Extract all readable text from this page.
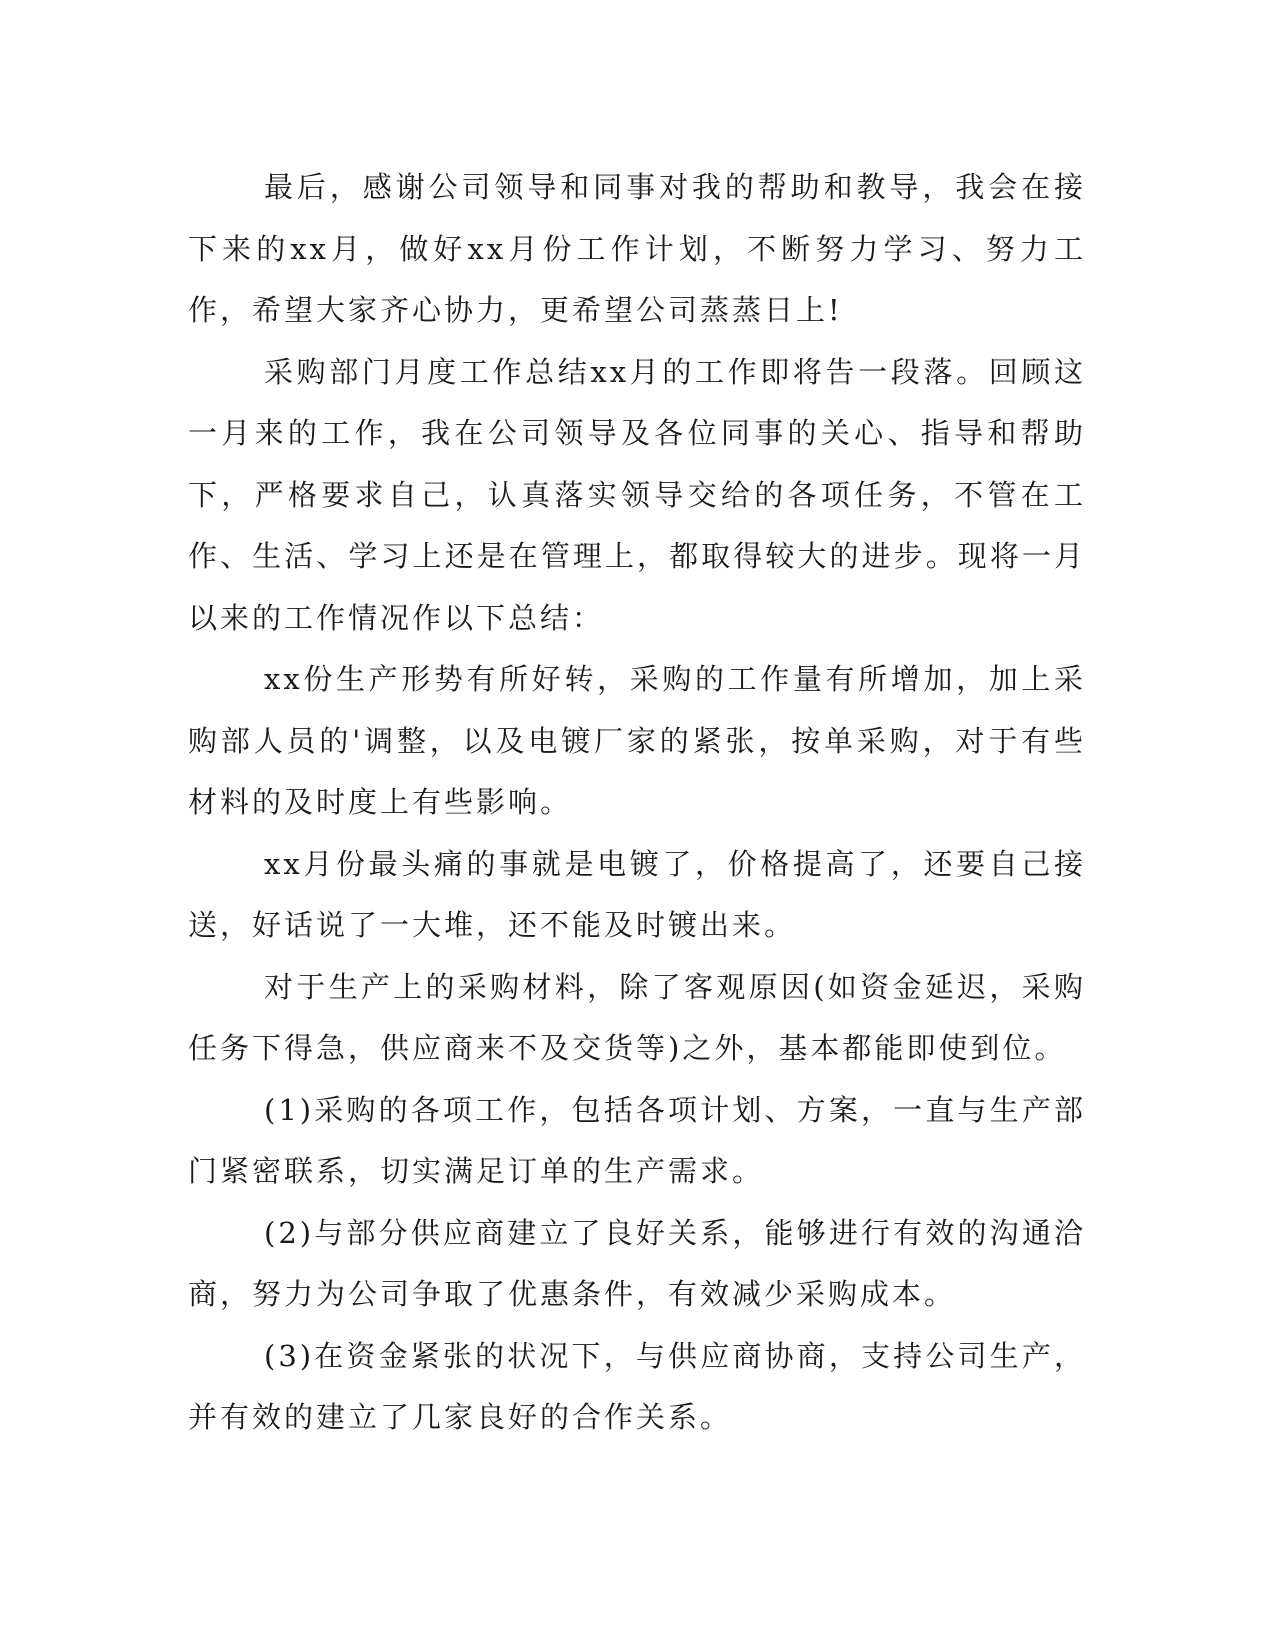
最后，感谢公司领导和同事对我的帮助和教导，我会在接下来的xx月，做好xx月份工作计划，不断努力学习、努力工作，希望大家齐心协力，更希望公司蒸蒸日上!

采购部门月度工作总结xx月的工作即将告一段落。回顾这一月来的工作，我在公司领导及各位同事的关心、指导和帮助下，严格要求自己，认真落实领导交给的各项任务，不管在工作、生活、学习上还是在管理上，都取得较大的进步。现将一月以来的工作情况作以下总结：

xx份生产形势有所好转，采购的工作量有所增加，加上采购部人员的'调整，以及电镀厂家的紧张，按单采购，对于有些材料的及时度上有些影响。

xx月份最头痛的事就是电镀了，价格提高了，还要自己接送，好话说了一大堆，还不能及时镀出来。

对于生产上的采购材料，除了客观原因(如资金延迟，采购任务下得急，供应商来不及交货等)之外，基本都能即使到位。

(1)采购的各项工作，包括各项计划、方案，一直与生产部门紧密联系，切实满足订单的生产需求。

(2)与部分供应商建立了良好关系，能够进行有效的沟通洽商，努力为公司争取了优惠条件，有效减少采购成本。

(3)在资金紧张的状况下，与供应商协商，支持公司生产，并有效的建立了几家良好的合作关系。
